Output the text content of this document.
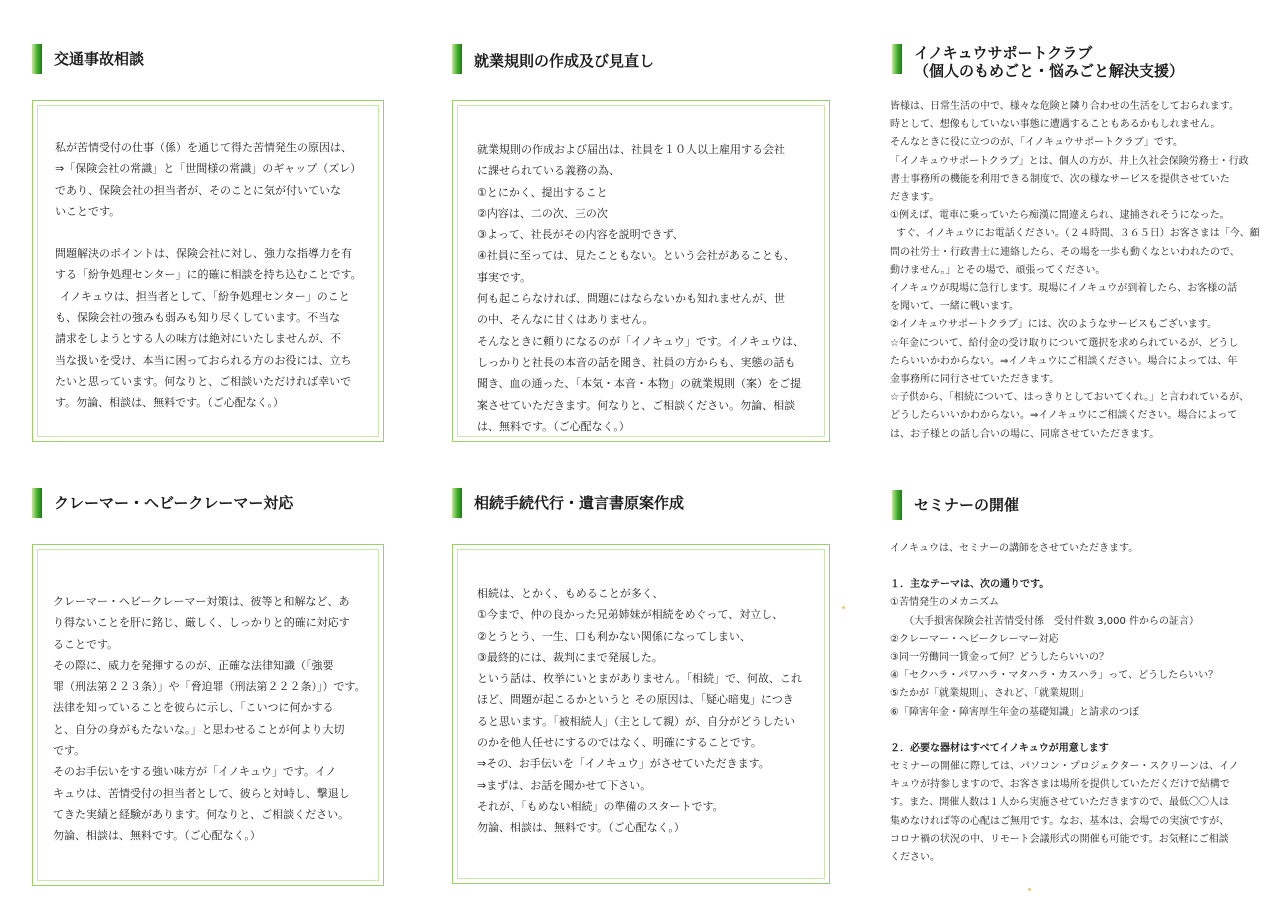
交通事故相談

私が苦情受付の仕事（係）を通じて得た苦情発生の原因は、

⇒「保険会社の常識」と「世間様の常識」のギャップ（ズレ）

であり、保険会社の担当者が、そのことに気が付いていな

いことです。

問題解決のポイントは、保険会社に対し、強力な指導力を有

する「紛争処理センター」に的確に相談を持ち込むことです。

イノキュウは、担当者として、「紛争処理センター」のこと

も、保険会社の強みも弱みも知り尽くしています。不当な

請求をしようとする人の味方は絶対にいたしませんが、不

当な扱いを受け、本当に困っておられる方のお役には、立ち

たいと思っています。何なりと、ご相談いただければ幸いで

す。勿論、相談は、無料です。（ご心配なく。）

就業規則の作成及び見直し

就業規則の作成および届出は、社員を１０人以上雇用する会社

に課せられている義務の為、

①とにかく、提出すること

②内容は、二の次、三の次

③よって、社長がその内容を説明できず、

④社員に至っては、見たこともない。という会社があることも、

事実です。

何も起こらなければ、問題にはならないかも知れませんが、世

の中、そんなに甘くはありません。

そんなときに頼りになるのが「イノキュウ」です。イノキュウは、

しっかりと社長の本音の話を聞き、社員の方からも、実態の話も

聞き、血の通った、「本気・本音・本物」の就業規則（案）をご提

案させていただきます。何なりと、ご相談ください。勿論、相談

は、無料です。（ご心配なく。）

イノキュウサポートクラブ
（個人のもめごと・悩みごと解決支援）

皆様は、日常生活の中で、様々な危険と隣り合わせの生活をしておられます。

時として、想像もしていない事態に遭遇することもあるかもしれません。

そんなときに役に立つのが、「イノキュウサポートクラブ」です。

「イノキュウサポートクラブ」とは、個人の方が、井上久社会保険労務士・行政

書士事務所の機能を利用できる制度で、次の様なサービスを提供させていた

だきます。

①例えば、電車に乗っていたら痴漢に間違えられ、逮捕されそうになった。

すぐ、イノキュウにお電話ください。（２４時間、３６５日）お客さまは「今、顧

問の社労士・行政書士に連絡したら、その場を一歩も動くなといわれたので、

動けません。」とその場で、頑張ってください。

イノキュウが現場に急行します。現場にイノキュウが到着したら、お客様の話

を聞いて、一緒に戦います。

②イノキュウサポートクラブ」には、次のようなサービスもございます。

☆年金について、給付金の受け取りについて選択を求められているが、どうし

たらいいかわからない。⇒イノキュウにご相談ください。場合によっては、年

金事務所に同行させていただきます。

☆子供から、「相続について、はっきりとしておいてくれ。」と言われているが、

どうしたらいいかわからない。⇒イノキュウにご相談ください。場合によって

は、お子様との話し合いの場に、同席させていただきます。

クレーマー・ヘビークレーマー対応

クレーマー・ヘビークレーマー対策は、彼等と和解など、あ

り得ないことを肝に銘じ、厳しく、しっかりと的確に対応す

ることです。

その際に、威力を発揮するのが、正確な法律知識（「強要

罪（刑法第２２３条）」や「脅迫罪（刑法第２２２条）」）です。

法律を知っていることを彼らに示し、「こいつに何かする

と、自分の身がもたないな。」と思わせることが何より大切

です。

そのお手伝いをする強い味方が「イノキュウ」です。イノ

キュウは、苦情受付の担当者として、彼らと対峙し、撃退し

てきた実績と経験があります。何なりと、ご相談ください。

勿論、相談は、無料です。（ご心配なく。）

相続手続代行・遺言書原案作成

相続は、とかく、もめることが多く、

①今まで、仲の良かった兄弟姉妹が相続をめぐって、対立し、

②とうとう、一生、口も利かない関係になってしまい、

③最終的には、裁判にまで発展した。

という話は、枚挙にいとまがありません。「相続」で、何故、これ

ほど、問題が起こるかというと その原因は、「疑心暗鬼」につき

ると思います。「被相続人」（主として親）が、自分がどうしたい

のかを他人任せにするのではなく、明確にすることです。

⇒その、お手伝いを「イノキュウ」がさせていただきます。

⇒まずは、お話を聞かせて下さい。

それが、「もめない相続」の準備のスタートです。

勿論、相談は、無料です。（ご心配なく。）

セミナーの開催

イノキュウは、セミナーの講師をさせていただきます。

１．主なテーマは、次の通りです。

①苦情発生のメカニズム

（大手損害保険会社苦情受付係　受付件数 3,000 件からの証言）

②クレーマー・ヘビークレーマー対応

③同一労働同一賃金って何？どうしたらいいの？

④「セクハラ・パワハラ・マタハラ・カスハラ」って、どうしたらいい？

⑤たかが「就業規則」、されど、「就業規則」

⑥「障害年金・障害厚生年金の基礎知識」と請求のつぼ

２．必要な器材はすべてイノキュウが用意します

セミナーの開催に際しては、パソコン・プロジェクター・スクリーンは、イノ

キュウが持参しますので、お客さまは場所を提供していただくだけで結構で

す。また、開催人数は１人から実施させていただきますので、最低〇〇人は

集めなければ等の心配はご無用です。なお、基本は、会場での実演ですが、

コロナ禍の状況の中、リモート会議形式の開催も可能です。お気軽にご相談

ください。
